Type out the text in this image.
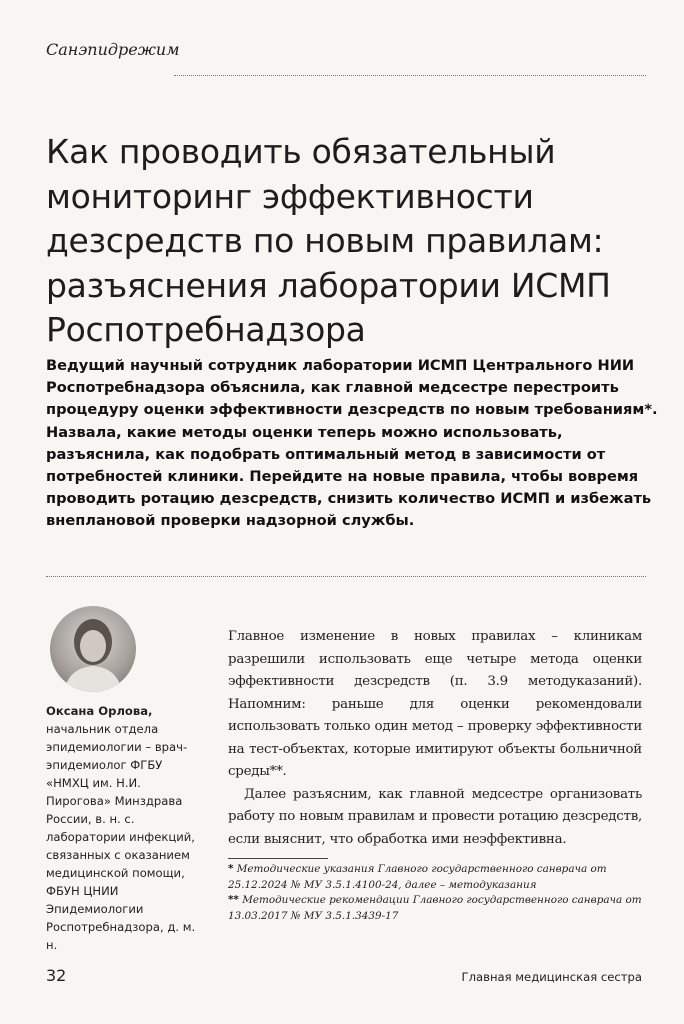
Санэпидрежим
Как проводить обязательный мониторинг эффективности дезсредств по новым правилам: разъяснения лаборатории ИСМП Роспотребнадзора

Ведущий научный сотрудник лаборатории ИСМП Центрального НИИ Роспотребнадзора объяснила, как главной медсестре перестроить процедуру оценки эффективности дезсредств по новым требованиям*. Назвала, какие методы оценки теперь можно использовать, разъяснила, как подобрать оптимальный метод в зависимости от потребностей клиники. Перейдите на новые правила, чтобы вовремя проводить ротацию дезсредств, снизить количество ИСМП и избежать внеплановой проверки надзорной службы.

Оксана Орлова,
начальник отдела эпидемиологии – врач-эпидемиолог ФГБУ «НМХЦ им. Н.И. Пирогова» Минздрава России, в. н. с. лаборатории инфекций, связанных с оказанием медицинской помощи, ФБУН ЦНИИ Эпидемиологии Роспотребнадзора, д. м. н.

Главное изменение в новых правилах – клиникам разрешили использовать еще четыре метода оценки эффективности дезсредств (п. 3.9 методуказаний). Напомним: раньше для оценки рекомендовали использовать только один метод – проверку эффективности на тест-объектах, которые имитируют объекты больничной среды**.

Далее разъясним, как главной медсестре организовать работу по новым правилам и провести ротацию дезсредств, если выяснит, что обработка ими неэффективна.

* Методические указания Главного государственного санврача от 25.12.2024 № МУ 3.5.1.4100-24, далее – методуказания

** Методические рекомендации Главного государственного санврача от 13.03.2017 № МУ 3.5.1.3439-17

32	Главная медицинская сестра
